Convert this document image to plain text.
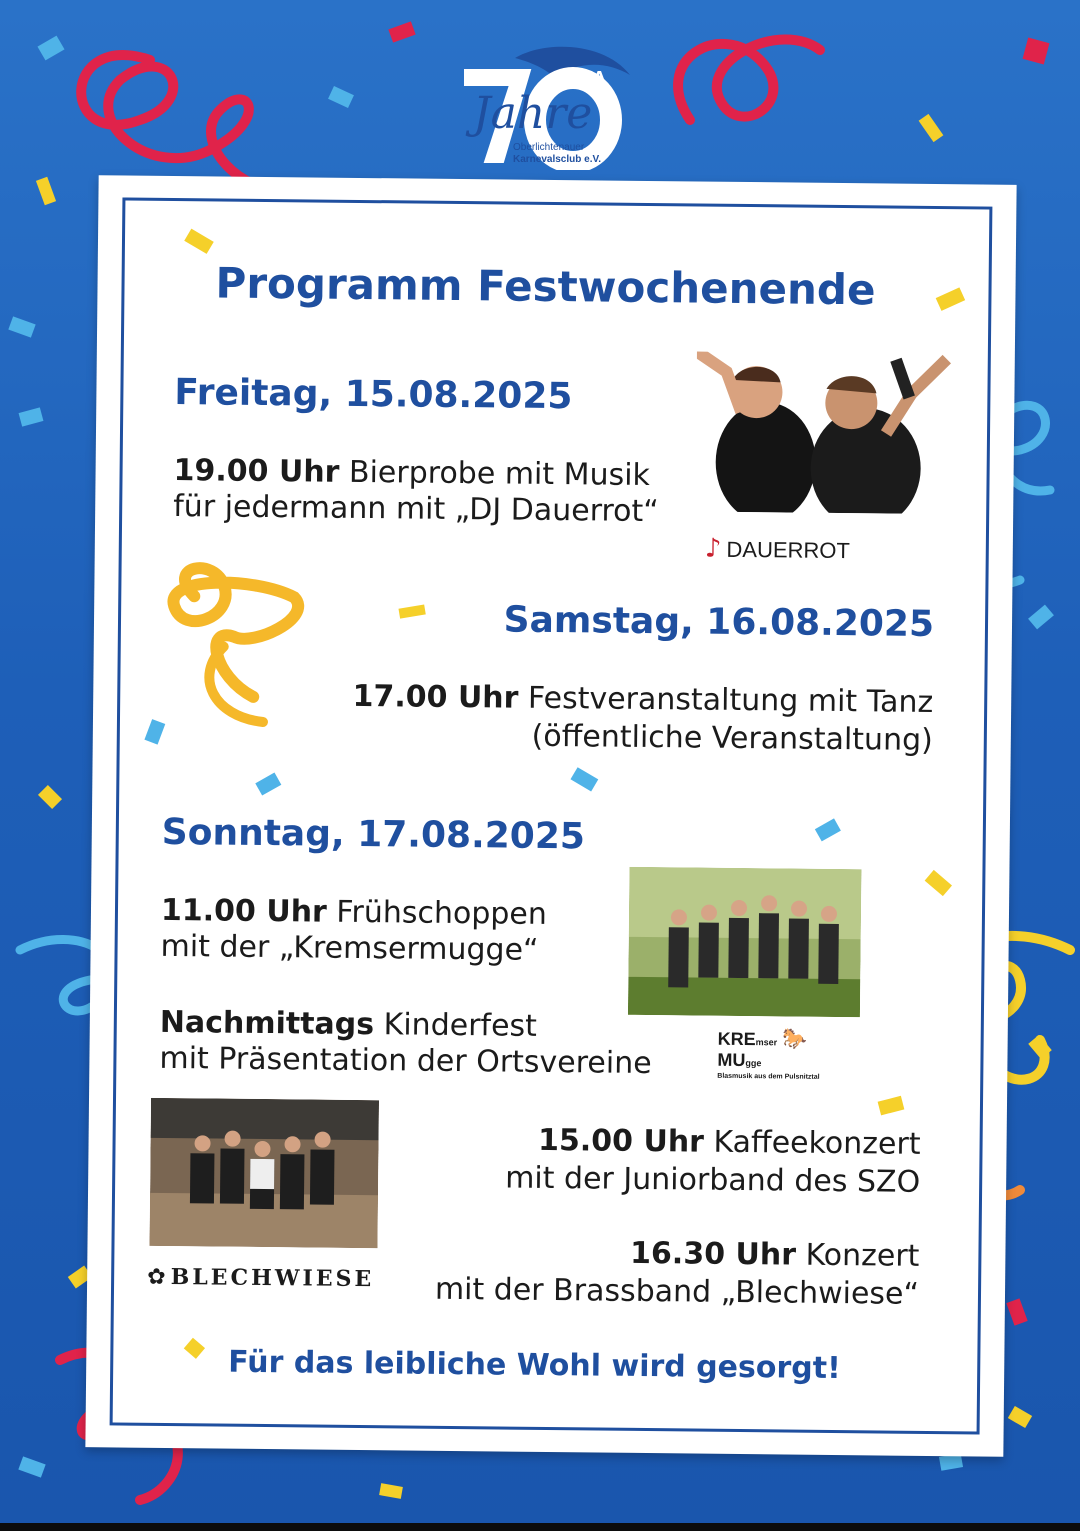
OLIKA
Jahre
Oberlichtenauer
Karnevalsclub e.V.
Programm Festwochenende
Freitag, 15.08.2025
19.00 Uhr Bierprobe mit Musik
für jedermann mit „DJ Dauerrot“
♪ DAUERROT
Samstag, 16.08.2025
17.00 Uhr Festveranstaltung mit Tanz
(öffentliche Veranstaltung)
Sonntag, 17.08.2025
11.00 Uhr Frühschoppen
mit der „Kremsermugge“
Nachmittags Kinderfest
mit Präsentation der Ortsvereine
KREmser 🐎
MUgge
Blasmusik aus dem Pulsnitztal
✿ BLECHWIESE
15.00 Uhr Kaffeekonzert
mit der Juniorband des SZO
16.30 Uhr Konzert
mit der Brassband „Blechwiese“
Für das leibliche Wohl wird gesorgt!
